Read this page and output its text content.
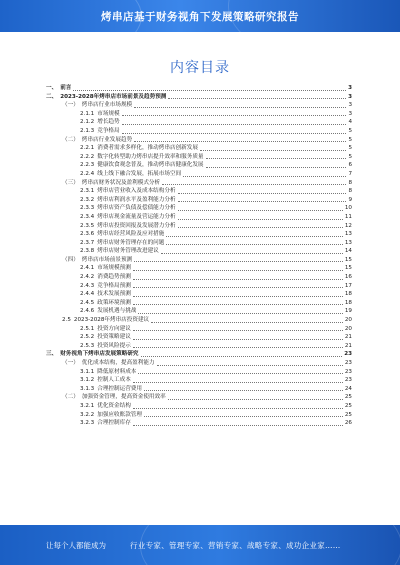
烤串店基于财务视角下发展策略研究报告
内容目录
一、 前言	3
二、 2023-2028年烤串店市场前景及趋势预测	3
（一） 烤串店行业市场规模	3
2.1.1 市场规模	3
2.1.2 增长趋势	4
2.1.3 竞争格局	5
（二） 烤串店行业发展趋势	5
2.2.1 消费者需求多样化，推动烤串店创新发展	5
2.2.2 数字化转型助力烤串店提升效率和服务质量	5
2.2.3 健康饮食观念普及，推动烤串店健康化发展	6
2.2.4 线上线下融合发展，拓展市场空间	7
（三） 烤串店财务状况及盈利模式分析	8
2.3.1 烤串店营业收入及成本结构分析	8
2.3.2 烤串店利润水平及盈利能力分析	9
2.3.3 烤串店资产负债及偿债能力分析	10
2.3.4 烤串店现金流量及营运能力分析	11
2.3.5 烤串店投资回报及发展潜力分析	12
2.3.6 烤串店经营风险及应对措施	13
2.3.7 烤串店财务管理存在的问题	13
2.3.8 烤串店财务管理改进建议	14
（四） 烤串店市场前景预测	15
2.4.1 市场规模预测	15
2.4.2 消费趋势预测	16
2.4.3 竞争格局预测	17
2.4.4 技术发展预测	18
2.4.5 政策环境预测	18
2.4.6 发展机遇与挑战	19
2.5 2023-2028年烤串店投资建议	20
2.5.1 投资方向建议	20
2.5.2 投资策略建议	21
2.5.3 投资风险提示	21
三、 财务视角下烤串店发展策略研究	23
（一） 优化成本结构，提高盈利能力	23
3.1.1 降低原材料成本	23
3.1.2 控制人工成本	23
3.1.3 合理控制运营费用	24
（二） 加强资金管理，提高资金使用效率	25
3.2.1 优化资金结构	25
3.2.2 加强应收账款管理	25
3.2.3 合理控制库存	26
让每个人都能成为	行业专家、管理专家、营销专家、战略专家、成功企业家……
